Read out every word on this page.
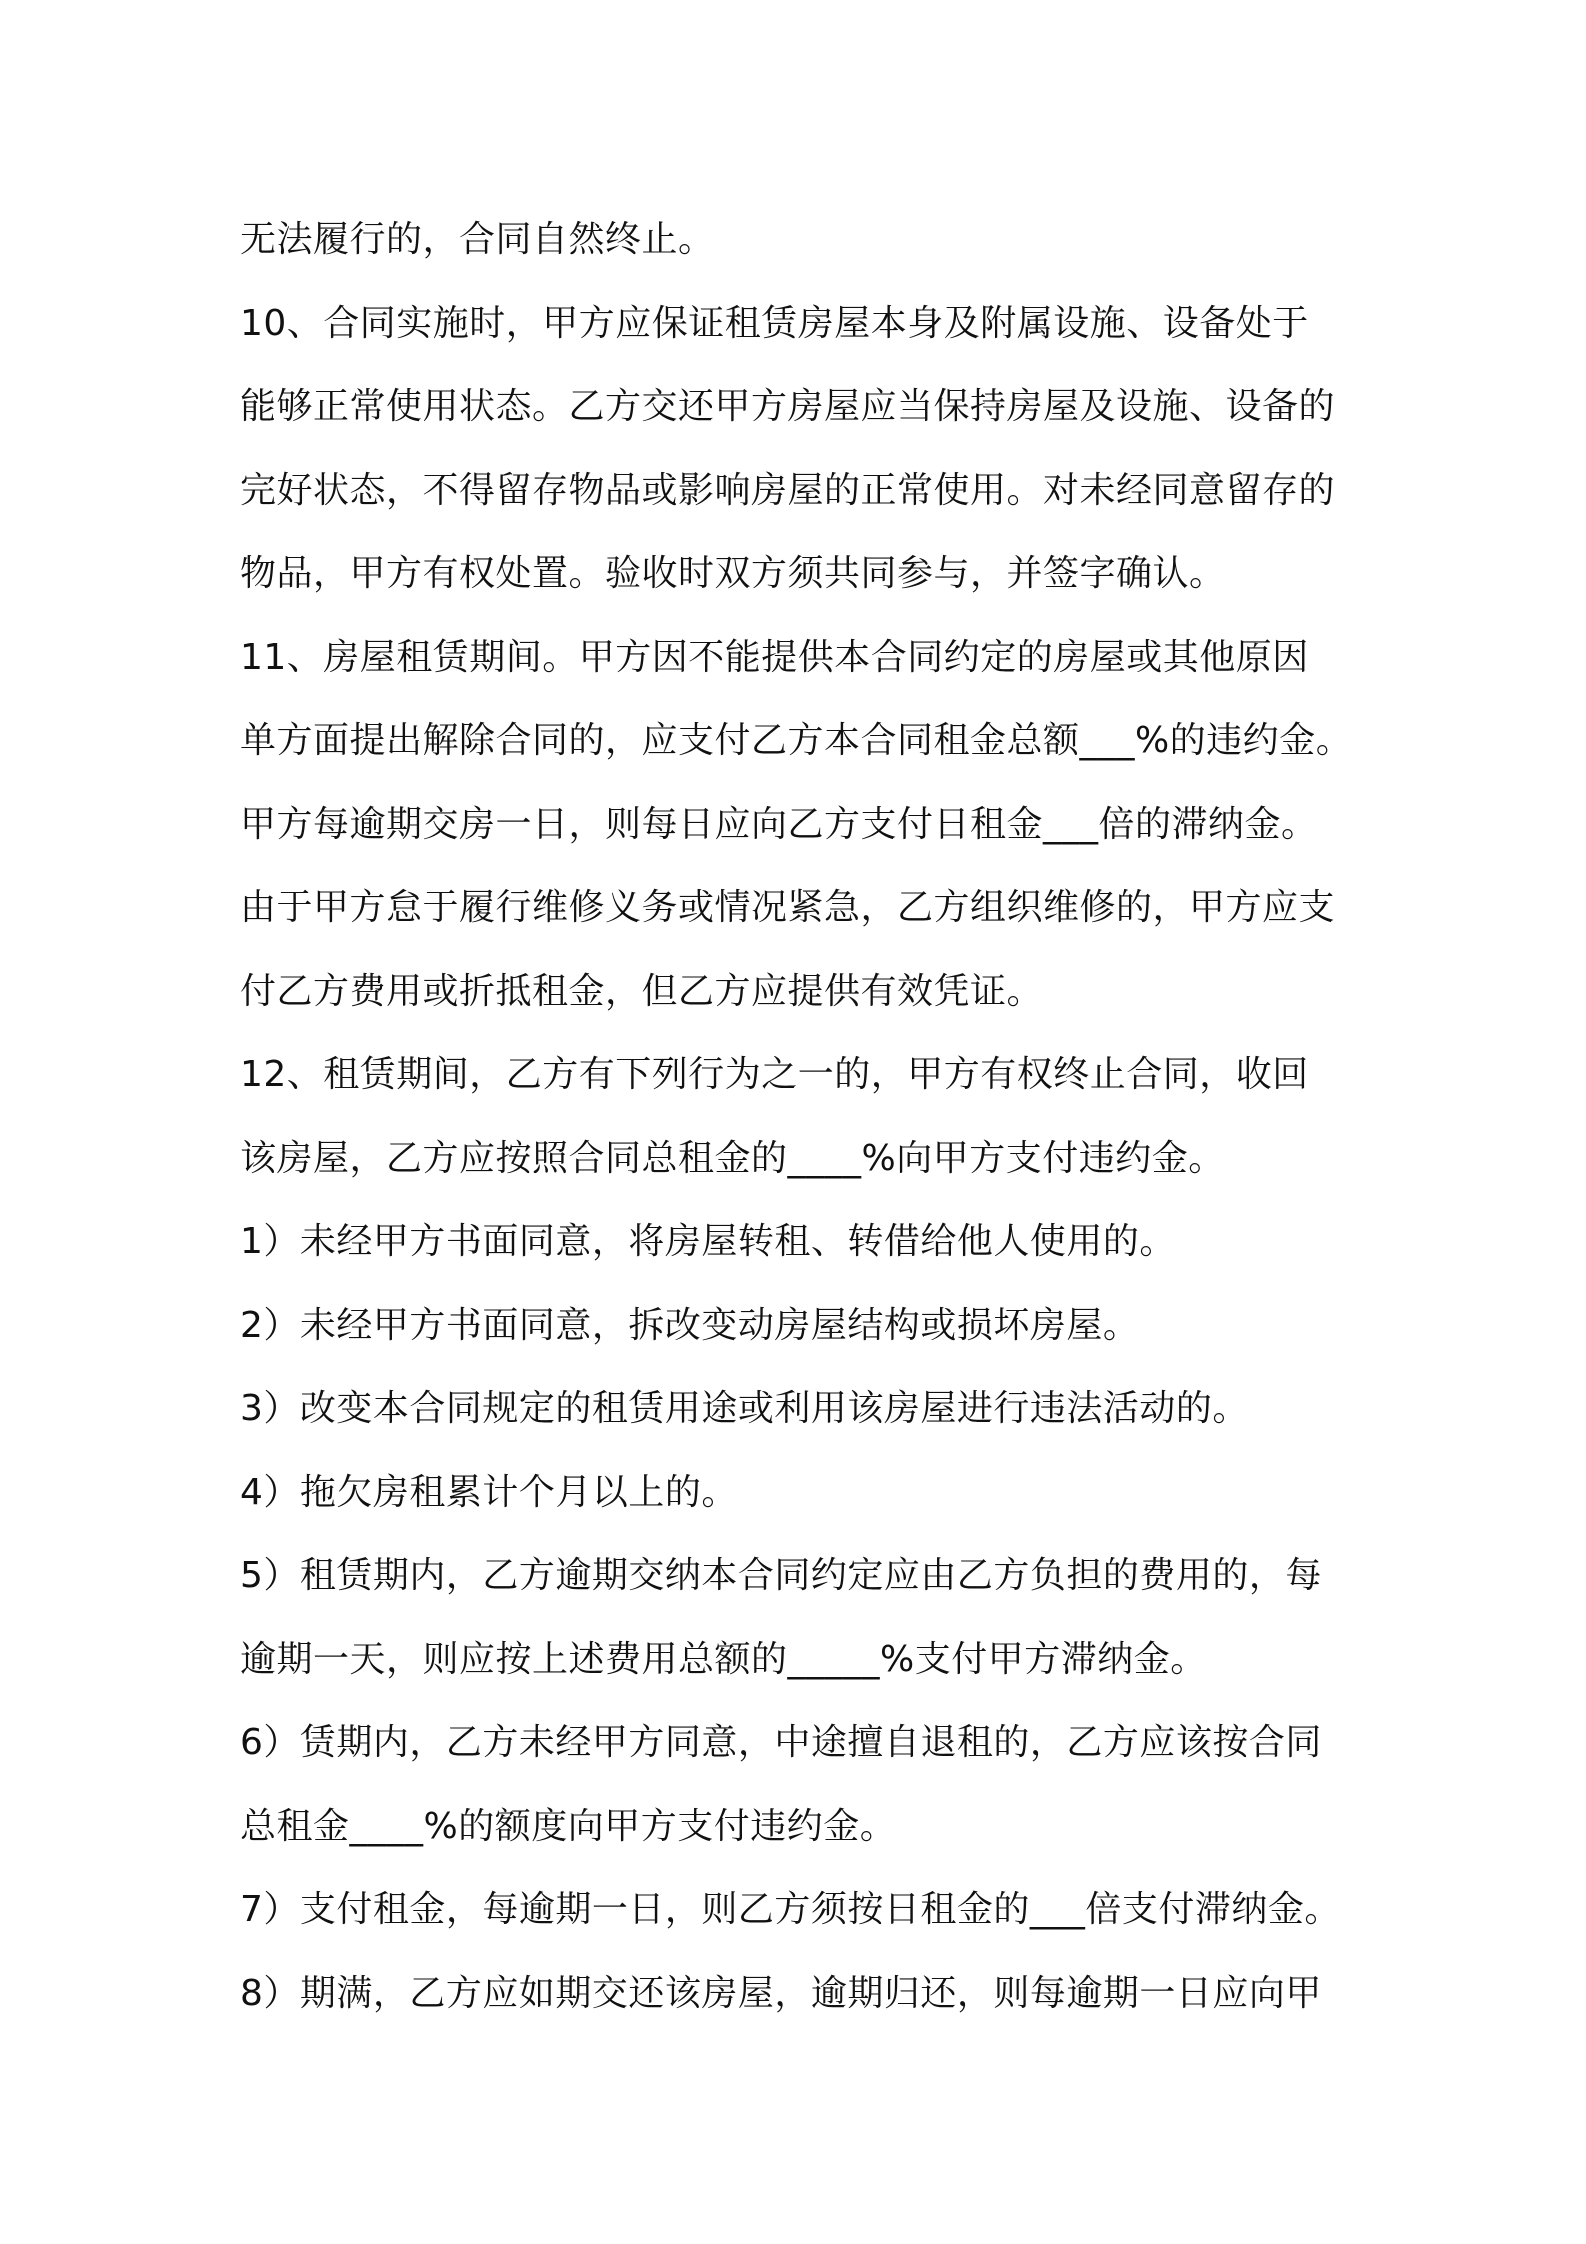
无法履行的，合同自然终止。
10、合同实施时，甲方应保证租赁房屋本身及附属设施、设备处于
能够正常使用状态。乙方交还甲方房屋应当保持房屋及设施、设备的
完好状态，不得留存物品或影响房屋的正常使用。对未经同意留存的
物品，甲方有权处置。验收时双方须共同参与，并签字确认。
11、房屋租赁期间。甲方因不能提供本合同约定的房屋或其他原因
单方面提出解除合同的，应支付乙方本合同租金总额___%的违约金。
甲方每逾期交房一日，则每日应向乙方支付日租金___倍的滞纳金。
由于甲方怠于履行维修义务或情况紧急，乙方组织维修的，甲方应支
付乙方费用或折抵租金，但乙方应提供有效凭证。
12、租赁期间，乙方有下列行为之一的，甲方有权终止合同，收回
该房屋，乙方应按照合同总租金的____%向甲方支付违约金。
1）未经甲方书面同意，将房屋转租、转借给他人使用的。
2）未经甲方书面同意，拆改变动房屋结构或损坏房屋。
3）改变本合同规定的租赁用途或利用该房屋进行违法活动的。
4）拖欠房租累计个月以上的。
5）租赁期内，乙方逾期交纳本合同约定应由乙方负担的费用的，每
逾期一天，则应按上述费用总额的_____%支付甲方滞纳金。
6）赁期内，乙方未经甲方同意，中途擅自退租的，乙方应该按合同
总租金____%的额度向甲方支付违约金。
7）支付租金，每逾期一日，则乙方须按日租金的___倍支付滞纳金。
8）期满，乙方应如期交还该房屋，逾期归还，则每逾期一日应向甲
